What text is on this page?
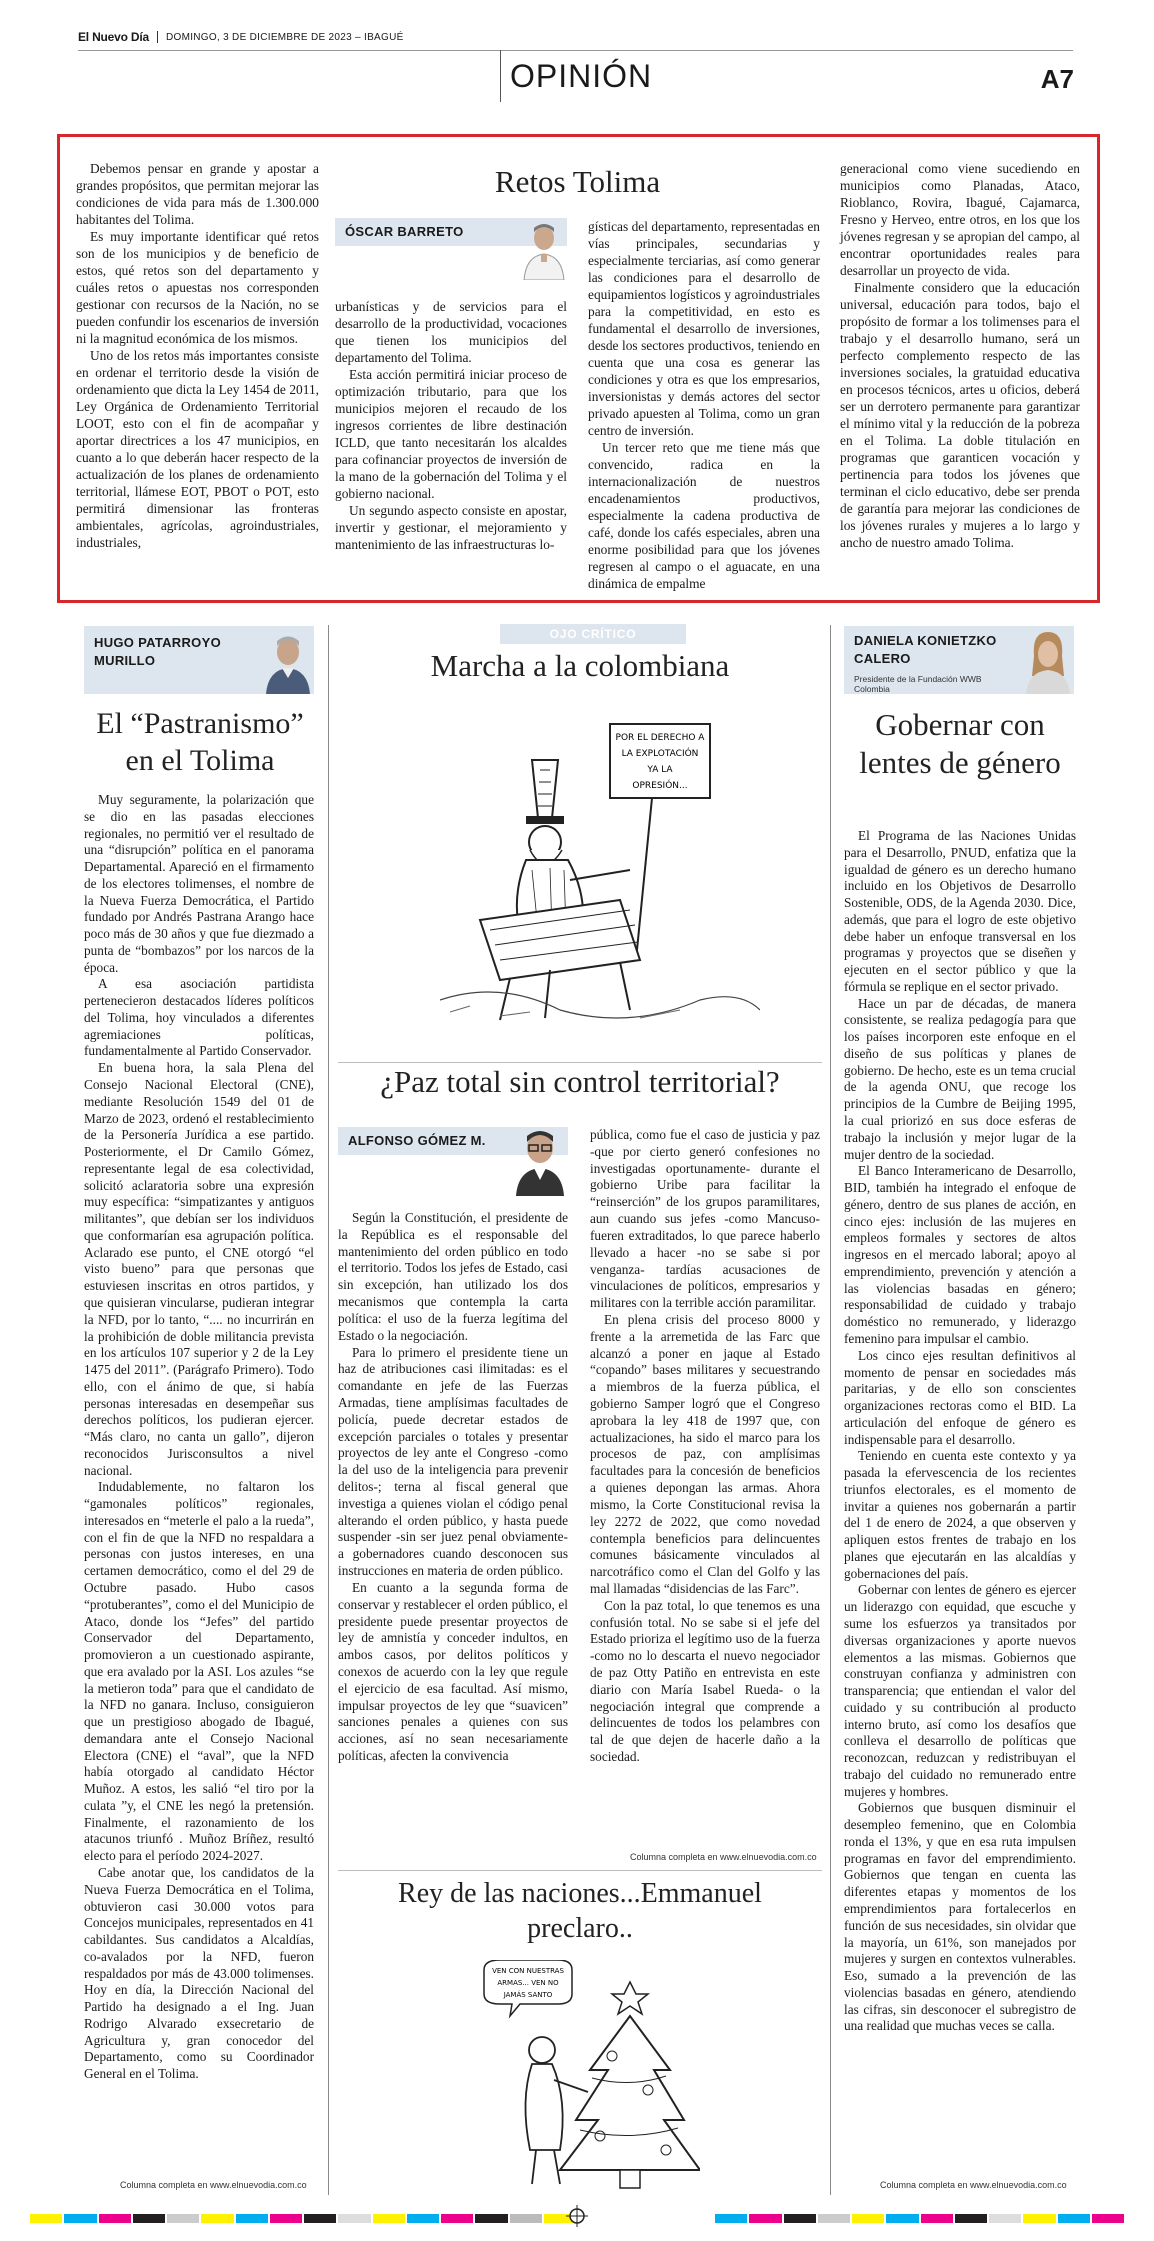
El Nuevo Día DOMINGO, 3 DE DICIEMBRE DE 2023 – IBAGUÉ
OPINIÓN	A7

Debemos pensar en grande y apostar a grandes propósitos, que permitan mejorar las condiciones de vida para más de 1.300.000 habitantes del Tolima.

Es muy importante identificar qué retos son de los municipios y de beneficio de estos, qué retos son del departamento y cuáles retos o apuestas nos corresponden gestionar con recursos de la Nación, no se pueden confundir los escenarios de inversión ni la magnitud económica de los mismos.

Uno de los retos más importantes consiste en ordenar el territorio desde la visión de ordenamiento que dicta la Ley 1454 de 2011, Ley Orgánica de Ordenamiento Territorial LOOT, esto con el fin de acompañar y aportar directrices a los 47 municipios, en cuanto a lo que deberán hacer respecto de la actualización de los planes de ordenamiento territorial, llámese EOT, PBOT o POT, esto permitirá dimensionar las fronteras ambientales, agrícolas, agroindustriales, industriales,

Retos Tolima
ÓSCAR BARRETO

urbanísticas y de servicios para el desarrollo de la productividad, vocaciones que tienen los municipios del departamento del Tolima.

Esta acción permitirá iniciar proceso de optimización tributario, para que los municipios mejoren el recaudo de los ingresos corrientes de libre destinación ICLD, que tanto necesitarán los alcaldes para cofinanciar proyectos de inversión de la mano de la gobernación del Tolima y el gobierno nacional.

Un segundo aspecto consiste en apostar, invertir y gestionar, el mejoramiento y mantenimiento de las infraestructuras lo-

gísticas del departamento, representadas en vías principales, secundarias y especialmente terciarias, así como generar las condiciones para el desarrollo de equipamientos logísticos y agroindustriales para la competitividad, en esto es fundamental el desarrollo de inversiones, desde los sectores productivos, teniendo en cuenta que una cosa es generar las condiciones y otra es que los empresarios, inversionistas y demás actores del sector privado apuesten al Tolima, como un gran centro de inversión.

Un tercer reto que me tiene más que convencido, radica en la internacionalización de nuestros encadenamientos productivos, especialmente la cadena productiva de café, donde los cafés especiales, abren una enorme posibilidad para que los jóvenes regresen al campo o el aguacate, en una dinámica de empalme

generacional como viene sucediendo en municipios como Planadas, Ataco, Rioblanco, Rovira, Ibagué, Cajamarca, Fresno y Herveo, entre otros, en los que los jóvenes regresan y se apropian del campo, al encontrar oportunidades reales para desarrollar un proyecto de vida.

Finalmente considero que la educación universal, educación para todos, bajo el propósito de formar a los tolimenses para el trabajo y el desarrollo humano, será un perfecto complemento respecto de las inversiones sociales, la gratuidad educativa en procesos técnicos, artes u oficios, deberá ser un derrotero permanente para garantizar el mínimo vital y la reducción de la pobreza en el Tolima. La doble titulación en programas que garanticen vocación y pertinencia para todos los jóvenes que terminan el ciclo educativo, debe ser prenda de garantía para mejorar las condiciones de los jóvenes rurales y mujeres a lo largo y ancho de nuestro amado Tolima.

HUGO PATARROYO MURILLO
El “Pastranismo” en el Tolima

Muy seguramente, la polarización que se dio en las pasadas elecciones regionales, no permitió ver el resultado de una “disrupción” política en el panorama Departamental. Apareció en el firmamento de los electores tolimenses, el nombre de la Nueva Fuerza Democrática, el Partido fundado por Andrés Pastrana Arango hace poco más de 30 años y que fue diezmado a punta de “bombazos” por los narcos de la época.

A esa asociación partidista pertenecieron destacados líderes políticos del Tolima, hoy vinculados a diferentes agremiaciones políticas, fundamentalmente al Partido Conservador.

En buena hora, la sala Plena del Consejo Nacional Electoral (CNE), mediante Resolución 1549 del 01 de Marzo de 2023, ordenó el restablecimiento de la Personería Jurídica a ese partido. Posteriormente, el Dr Camilo Gómez, representante legal de esa colectividad, solicitó aclaratoria sobre una expresión muy específica: “simpatizantes y antiguos militantes”, que debían ser los individuos que conformarían esa agrupación política. Aclarado ese punto, el CNE otorgó “el visto bueno” para que personas que estuviesen inscritas en otros partidos, y que quisieran vincularse, pudieran integrar la NFD, por lo tanto, “.... no incurrirán en la prohibición de doble militancia prevista en los artículos 107 superior y 2 de la Ley 1475 del 2011”. (Parágrafo Primero). Todo ello, con el ánimo de que, si había personas interesadas en desempeñar sus derechos políticos, los pudieran ejercer. “Más claro, no canta un gallo”, dijeron reconocidos Jurisconsultos a nivel nacional.

Indudablemente, no faltaron los “gamonales políticos” regionales, interesados en “meterle el palo a la rueda”, con el fin de que la NFD no respaldara a personas con justos intereses, en una certamen democrático, como el del 29 de Octubre pasado. Hubo casos “protuberantes”, como el del Municipio de Ataco, donde los “Jefes” del partido Conservador del Departamento, promovieron a un cuestionado aspirante, que era avalado por la ASI. Los azules “se la metieron toda” para que el candidato de la NFD no ganara. Incluso, consiguieron que un prestigioso abogado de Ibagué, demandara ante el Consejo Nacional Electora (CNE) el “aval”, que la NFD había otorgado al candidato Héctor Muñoz. A estos, les salió “el tiro por la culata ”y, el CNE les negó la pretensión. Finalmente, el razonamiento de los atacunos triunfó . Muñoz Bríñez, resultó electo para el período 2024-2027.

Cabe anotar que, los candidatos de la Nueva Fuerza Democrática en el Tolima, obtuvieron casi 30.000 votos para Concejos municipales, representados en 41 cabildantes. Sus candidatos a Alcaldías, co-avalados por la NFD, fueron respaldados por más de 43.000 tolimenses. Hoy en día, la Dirección Nacional del Partido ha designado a el Ing. Juan Rodrigo Alvarado exsecretario de Agricultura y, gran conocedor del Departamento, como su Coordinador General en el Tolima.

Columna completa en www.elnuevodia.com.co
OJO CRÍTICO
Marcha a la colombiana
POR EL DERECHO A
LA EXPLOTACIÓN
YA LA
OPRESIÓN...
¿Paz total sin control territorial?
ALFONSO GÓMEZ M.

Según la Constitución, el presidente de la República es el responsable del mantenimiento del orden público en todo el territorio. Todos los jefes de Estado, casi sin excepción, han utilizado los dos mecanismos que contempla la carta política: el uso de la fuerza legítima del Estado o la negociación.

Para lo primero el presidente tiene un haz de atribuciones casi ilimitadas: es el comandante en jefe de las Fuerzas Armadas, tiene amplísimas facultades de policía, puede decretar estados de excepción parciales o totales y presentar proyectos de ley ante el Congreso -como la del uso de la inteligencia para prevenir delitos-; terna al fiscal general que investiga a quienes violan el código penal alterando el orden público, y hasta puede suspender -sin ser juez penal obviamente- a gobernadores cuando desconocen sus instrucciones en materia de orden público.

En cuanto a la segunda forma de conservar y restablecer el orden público, el presidente puede presentar proyectos de ley de amnistía y conceder indultos, en ambos casos, por delitos políticos y conexos de acuerdo con la ley que regule el ejercicio de esa facultad. Así mismo, impulsar proyectos de ley que “suavicen” sanciones penales a quienes con sus acciones, así no sean necesariamente políticas, afecten la convivencia

pública, como fue el caso de justicia y paz -que por cierto generó confesiones no investigadas oportunamente- durante el gobierno Uribe para facilitar la “reinserción” de los grupos paramilitares, aun cuando sus jefes -como Mancuso- fueren extraditados, lo que parece haberlo llevado a hacer -no se sabe si por venganza- tardías acusaciones de vinculaciones de políticos, empresarios y militares con la terrible acción paramilitar.

En plena crisis del proceso 8000 y frente a la arremetida de las Farc que alcanzó a poner en jaque al Estado “copando” bases militares y secuestrando a miembros de la fuerza pública, el gobierno Samper logró que el Congreso aprobara la ley 418 de 1997 que, con actualizaciones, ha sido el marco para los procesos de paz, con amplísimas facultades para la concesión de beneficios a quienes depongan las armas. Ahora mismo, la Corte Constitucional revisa la ley 2272 de 2022, que como novedad contempla beneficios para delincuentes comunes básicamente vinculados al narcotráfico como el Clan del Golfo y las mal llamadas “disidencias de las Farc”.

Con la paz total, lo que tenemos es una confusión total. No se sabe si el jefe del Estado prioriza el legítimo uso de la fuerza -como no lo descarta el nuevo negociador de paz Otty Patiño en entrevista en este diario con María Isabel Rueda- o la negociación integral que comprende a delincuentes de todos los pelambres con tal de que dejen de hacerle daño a la sociedad.

Columna completa en www.elnuevodia.com.co
Rey de las naciones...Emmanuel preclaro..
VEN CON NUESTRAS
ARMAS... VEN NO
JAMÁS SANTO
DANIELA KONIETZKO CALERO
Presidente de la Fundación WWB Colombia
Gobernar con lentes de género

El Programa de las Naciones Unidas para el Desarrollo, PNUD, enfatiza que la igualdad de género es un derecho humano incluido en los Objetivos de Desarrollo Sostenible, ODS, de la Agenda 2030. Dice, además, que para el logro de este objetivo debe haber un enfoque transversal en los programas y proyectos que se diseñen y ejecuten en el sector público y que la fórmula se replique en el sector privado.

Hace un par de décadas, de manera consistente, se realiza pedagogía para que los países incorporen este enfoque en el diseño de sus políticas y planes de gobierno. De hecho, este es un tema crucial de la agenda ONU, que recoge los principios de la Cumbre de Beijing 1995, la cual priorizó en sus doce esferas de trabajo la inclusión y mejor lugar de la mujer dentro de la sociedad.

El Banco Interamericano de Desarrollo, BID, también ha integrado el enfoque de género, dentro de sus planes de acción, en cinco ejes: inclusión de las mujeres en empleos formales y sectores de altos ingresos en el mercado laboral; apoyo al emprendimiento, prevención y atención a las violencias basadas en género; responsabilidad de cuidado y trabajo doméstico no remunerado, y liderazgo femenino para impulsar el cambio.

Los cinco ejes resultan definitivos al momento de pensar en sociedades más paritarias, y de ello son conscientes organizaciones rectoras como el BID. La articulación del enfoque de género es indispensable para el desarrollo.

Teniendo en cuenta este contexto y ya pasada la efervescencia de los recientes triunfos electorales, es el momento de invitar a quienes nos gobernarán a partir del 1 de enero de 2024, a que observen y apliquen estos frentes de trabajo en los planes que ejecutarán en las alcaldías y gobernaciones del país.

Gobernar con lentes de género es ejercer un liderazgo con equidad, que escuche y sume los esfuerzos ya transitados por diversas organizaciones y aporte nuevos elementos a las mismas. Gobiernos que construyan confianza y administren con transparencia; que entiendan el valor del cuidado y su contribución al producto interno bruto, así como los desafíos que conlleva el desarrollo de políticas que reconozcan, reduzcan y redistribuyan el trabajo del cuidado no remunerado entre mujeres y hombres.

Gobiernos que busquen disminuir el desempleo femenino, que en Colombia ronda el 13%, y que en esa ruta impulsen programas en favor del emprendimiento. Gobiernos que tengan en cuenta las diferentes etapas y momentos de los emprendimientos para fortalecerlos en función de sus necesidades, sin olvidar que la mayoría, un 61%, son manejados por mujeres y surgen en contextos vulnerables. Eso, sumado a la prevención de las violencias basadas en género, atendiendo las cifras, sin desconocer el subregistro de una realidad que muchas veces se calla.

Columna completa en www.elnuevodia.com.co
